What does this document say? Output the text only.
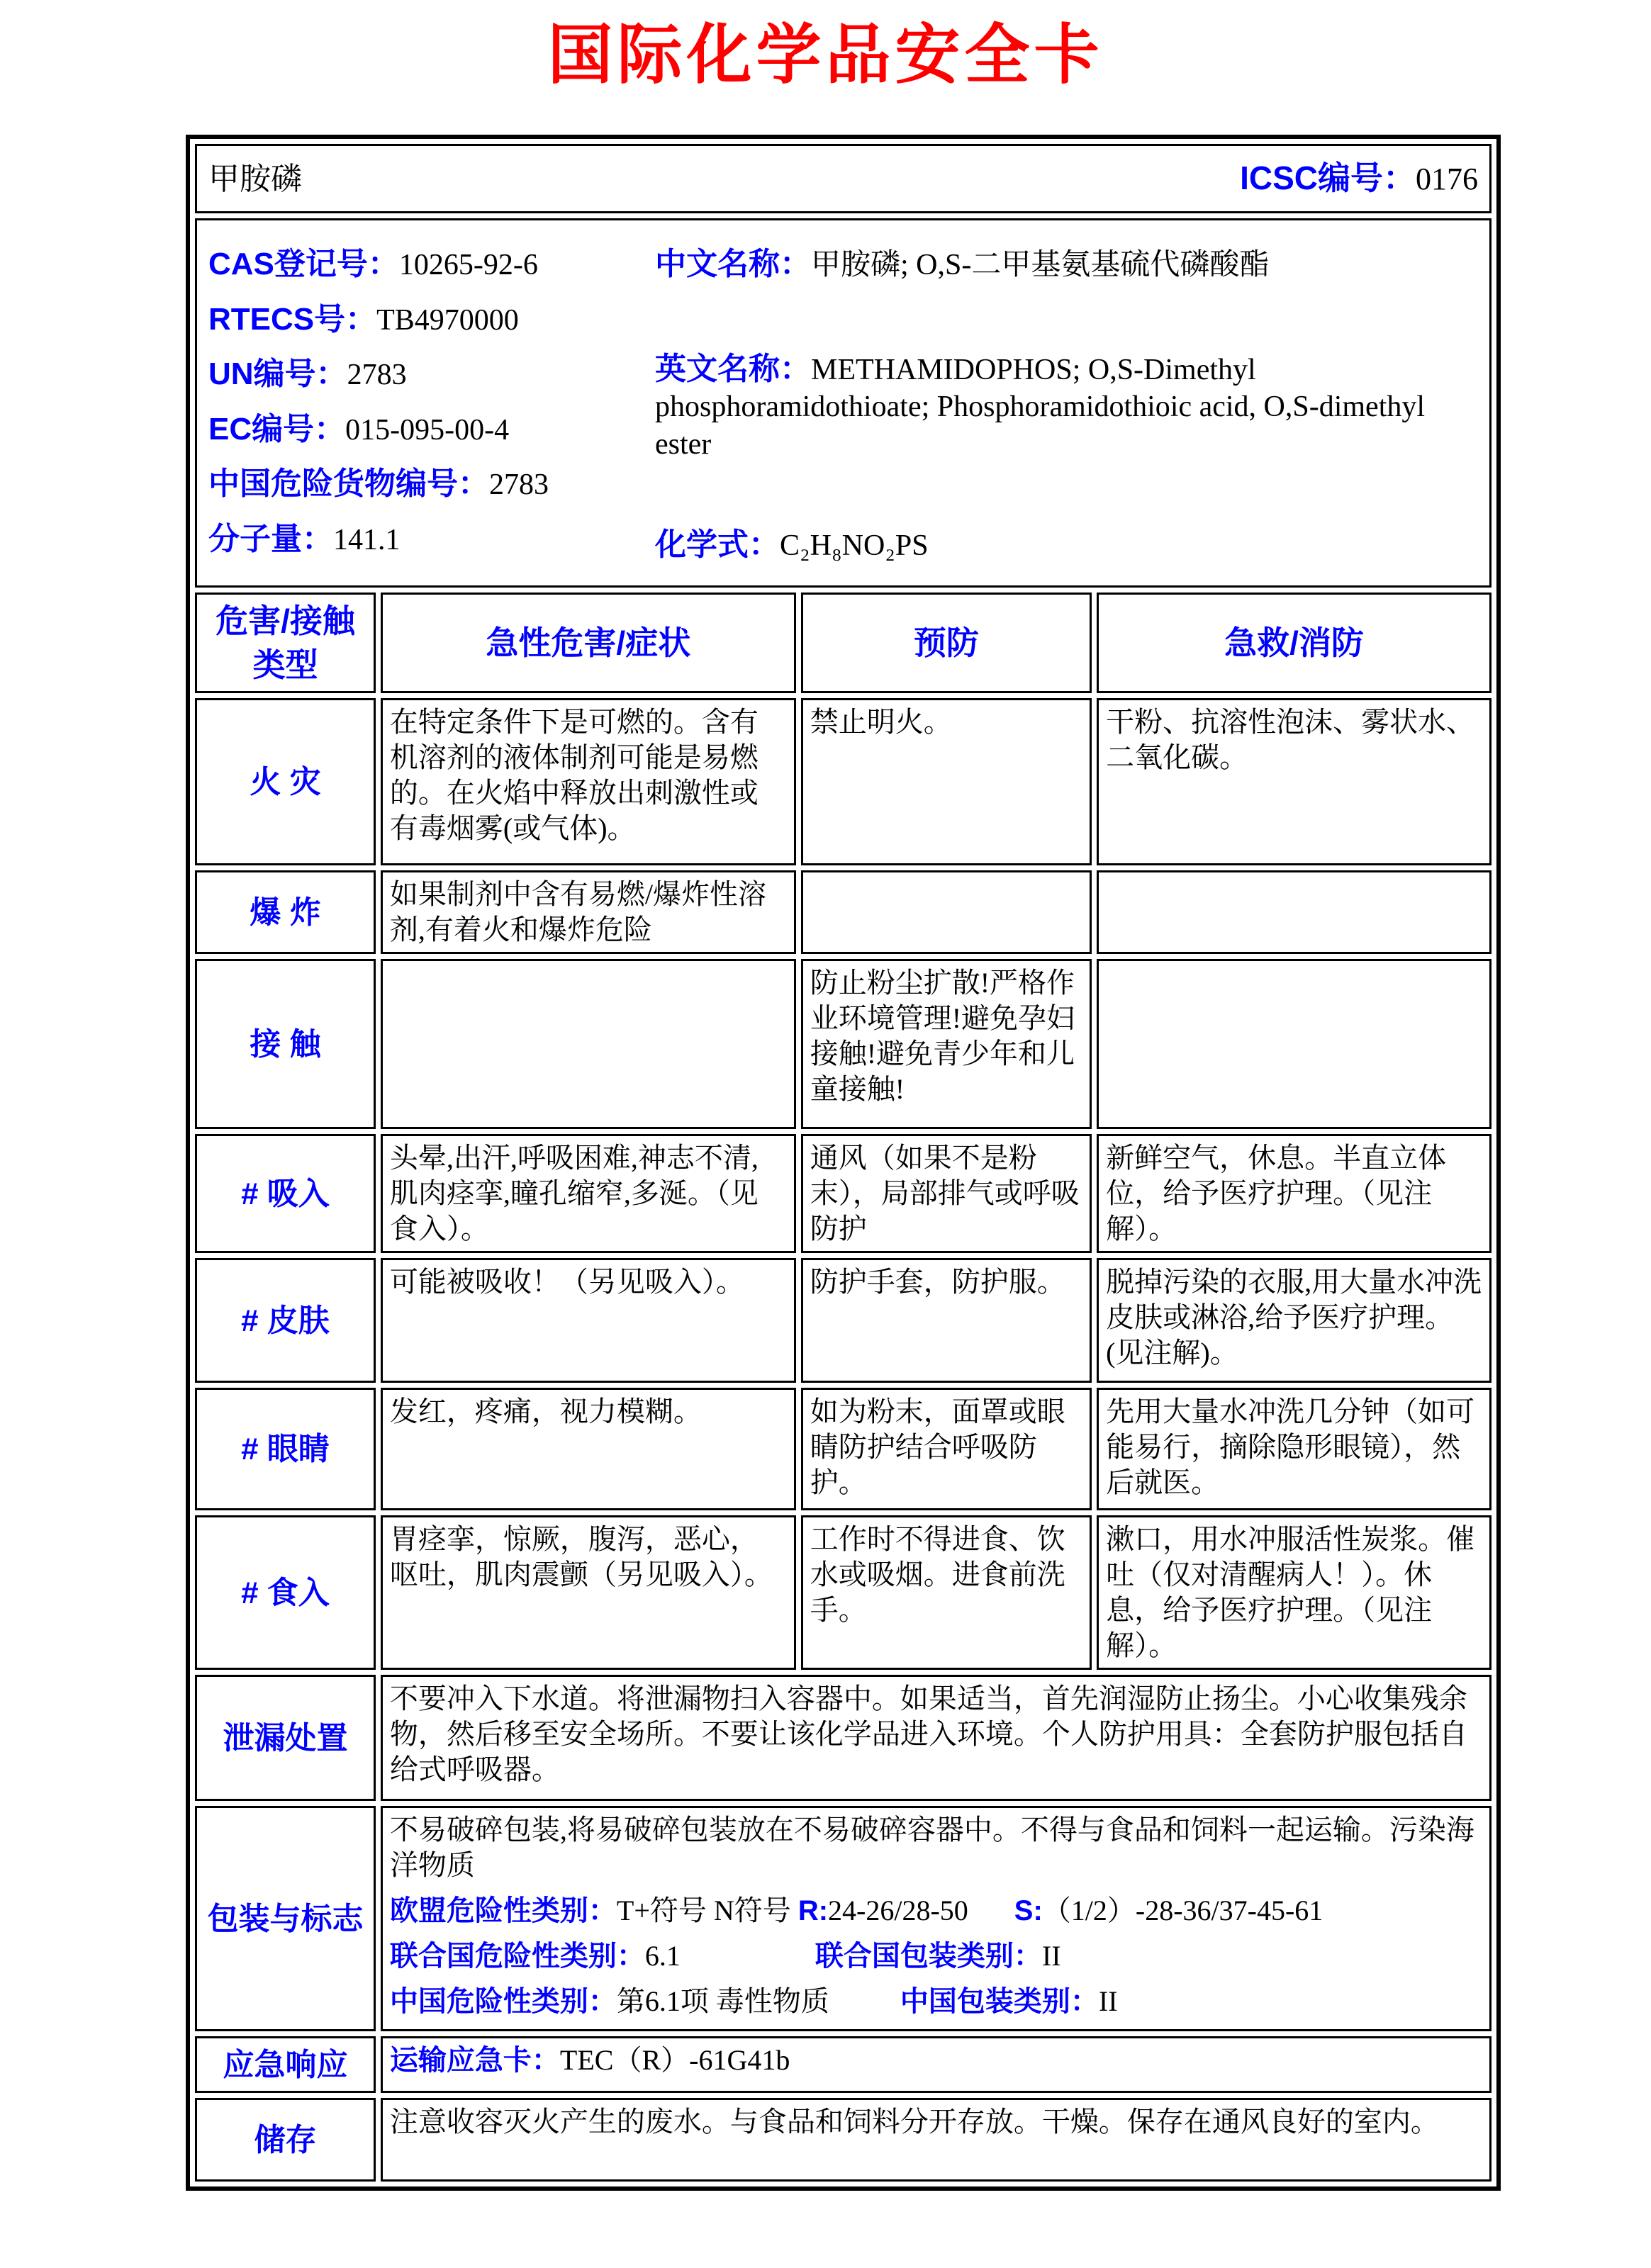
国际化学品安全卡
甲胺磷 ICSC编号：0176			

CAS登记号：10265-92-6
RTECS号：TB4970000
UN编号：2783
EC编号：015-095-00-4
中国危险货物编号：2783
分子量：141.1

中文名称：甲胺磷; O,S-二甲基氨基硫代磷酸酯

英文名称：METHAMIDOPHOS; O,S-Dimethyl phosphoramidothioate; Phosphoramidothioic acid, O,S-dimethyl ester

化学式：C₂H₈NO₂PS

危害/接触类型	急性危害/症状	预防	急救/消防
火 灾	在特定条件下是可燃的。含有机溶剂的液体制剂可能是易燃的。在火焰中释放出刺激性或有毒烟雾(或气体)。	禁止明火。	干粉、抗溶性泡沫、雾状水、二氧化碳。
爆 炸	如果制剂中含有易燃/爆炸性溶剂,有着火和爆炸危险		
接 触		防止粉尘扩散!严格作业环境管理!避免孕妇接触!避免青少年和儿童接触!	
# 吸入	头晕,出汗,呼吸困难,神志不清,肌肉痉挛,瞳孔缩窄,多涎。（见食入）。	通风（如果不是粉末），局部排气或呼吸防护	新鲜空气，休息。半直立体位，给予医疗护理。（见注解）。
# 皮肤	可能被吸收！（另见吸入）。	防护手套，防护服。	脱掉污染的衣服,用大量水冲洗皮肤或淋浴,给予医疗护理。(见注解)。
# 眼睛	发红，疼痛，视力模糊。	如为粉末，面罩或眼睛防护结合呼吸防护。	先用大量水冲洗几分钟（如可能易行，摘除隐形眼镜），然后就医。
# 食入	胃痉挛，惊厥，腹泻，恶心，呕吐，肌肉震颤（另见吸入）。	工作时不得进食、饮水或吸烟。进食前洗手。	漱口，用水冲服活性炭浆。催吐（仅对清醒病人！）。休息，给予医疗护理。（见注解）。
泄漏处置	不要冲入下水道。将泄漏物扫入容器中。如果适当，首先润湿防止扬尘。小心收集残余物，然后移至安全场所。不要让该化学品进入环境。个人防护用具：全套防护服包括自给式呼吸器。		
包装与标志	不易破碎包装,将易破碎包装放在不易破碎容器中。不得与食品和饲料一起运输。污染海洋物质
欧盟危险性类别：T+符号 N符号 R:24-26/28-50 S:（1/2）-28-36/37-45-61
联合国危险性类别：6.1 联合国包装类别：II
中国危险性类别：第6.1项 毒性物质 中国包装类别：II		

应急响应	运输应急卡：TEC（R）-61G41b		
储存	注意收容灭火产生的废水。与食品和饲料分开存放。干燥。保存在通风良好的室内。		
